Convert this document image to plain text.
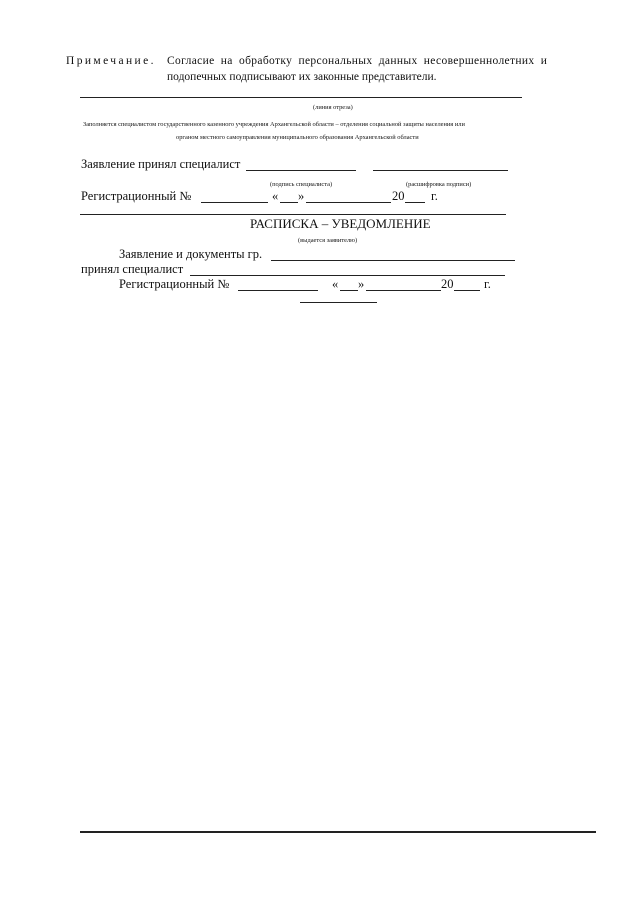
Примечание. Согласие на обработку персональных данных несовершеннолетних и
подопечных подписывают их законные представители.
(линия отреза)
Заполняется специалистом государственного казенного учреждения Архангельской области – отделения социальной защиты населения или
органом местного самоуправления муниципального образования Архангельской области
Заявление принял специалист
(подпись специалиста)	(расшифровка подписи)
Регистрационный №	« »	20 г.
РАСПИСКА – УВЕДОМЛЕНИЕ
(выдается заявителю)
Заявление и документы гр.
принял специалист
Регистрационный №	« »	20 г.
